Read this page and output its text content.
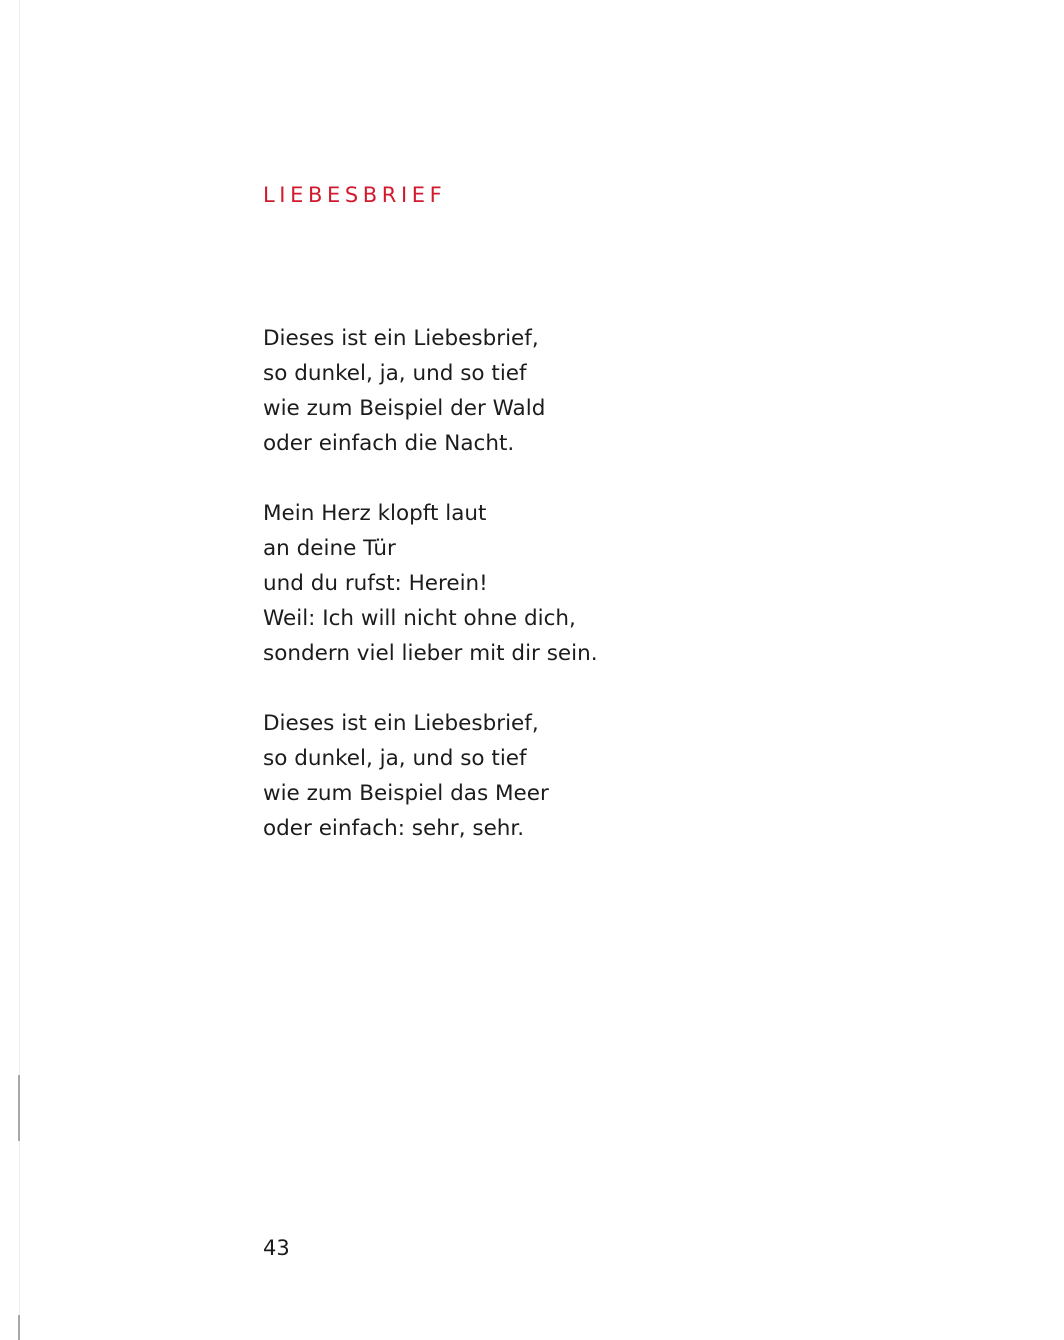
LIEBESBRIEF
Dieses ist ein Liebesbrief,
so dunkel, ja, und so tief
wie zum Beispiel der Wald
oder einfach die Nacht.
Mein Herz klopft laut
an deine Tür
und du rufst: Herein!
Weil: Ich will nicht ohne dich,
sondern viel lieber mit dir sein.
Dieses ist ein Liebesbrief,
so dunkel, ja, und so tief
wie zum Beispiel das Meer
oder einfach: sehr, sehr.
43
